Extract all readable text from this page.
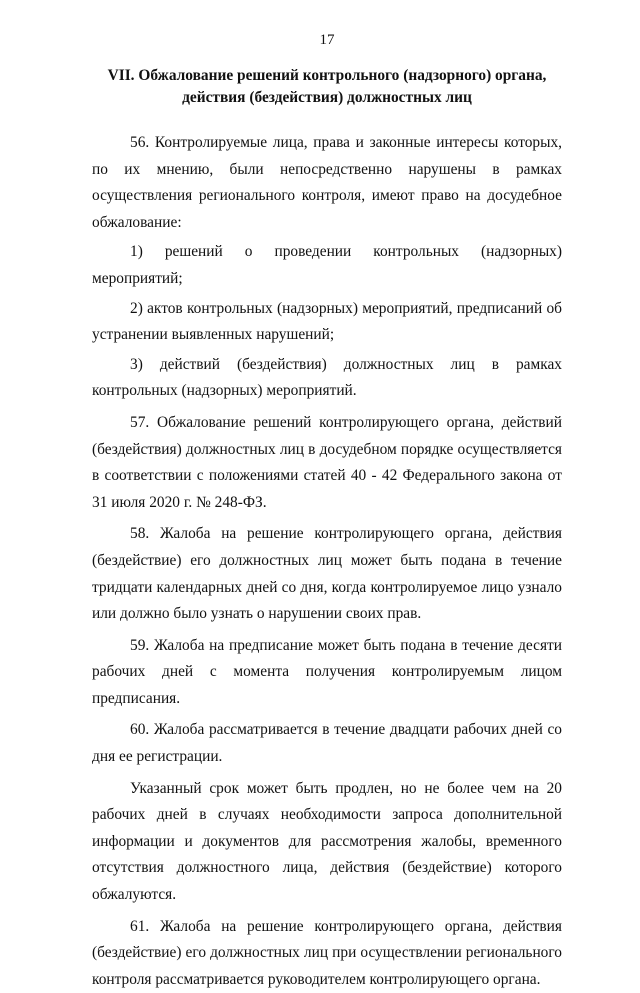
17
VII. Обжалование решений контрольного (надзорного) органа,
действия (бездействия) должностных лиц

56. Контролируемые лица, права и законные интересы которых, по их мнению, были непосредственно нарушены в рамках осуществления регионального контроля, имеют право на досудебное обжалование:

1) решений о проведении контрольных (надзорных) мероприятий;

2) актов контрольных (надзорных) мероприятий, предписаний об устранении выявленных нарушений;

3) действий (бездействия) должностных лиц в рамках контрольных (надзорных) мероприятий.

57. Обжалование решений контролирующего органа, действий (бездействия) должностных лиц в досудебном порядке осуществляется в соответствии с положениями статей 40 - 42 Федерального закона от 31 июля 2020 г. № 248-ФЗ.

58. Жалоба на решение контролирующего органа, действия (бездействие) его должностных лиц может быть подана в течение тридцати календарных дней со дня, когда контролируемое лицо узнало или должно было узнать о нарушении своих прав.

59. Жалоба на предписание может быть подана в течение десяти рабочих дней с момента получения контролируемым лицом предписания.

60. Жалоба рассматривается в течение двадцати рабочих дней со дня ее регистрации.

Указанный срок может быть продлен, но не более чем на 20 рабочих дней в случаях необходимости запроса дополнительной информации и документов для рассмотрения жалобы, временного отсутствия должностного лица, действия (бездействие) которого обжалуются.

61. Жалоба на решение контролирующего органа, действия (бездействие) его должностных лиц при осуществлении регионального контроля рассматривается руководителем контролирующего органа.
